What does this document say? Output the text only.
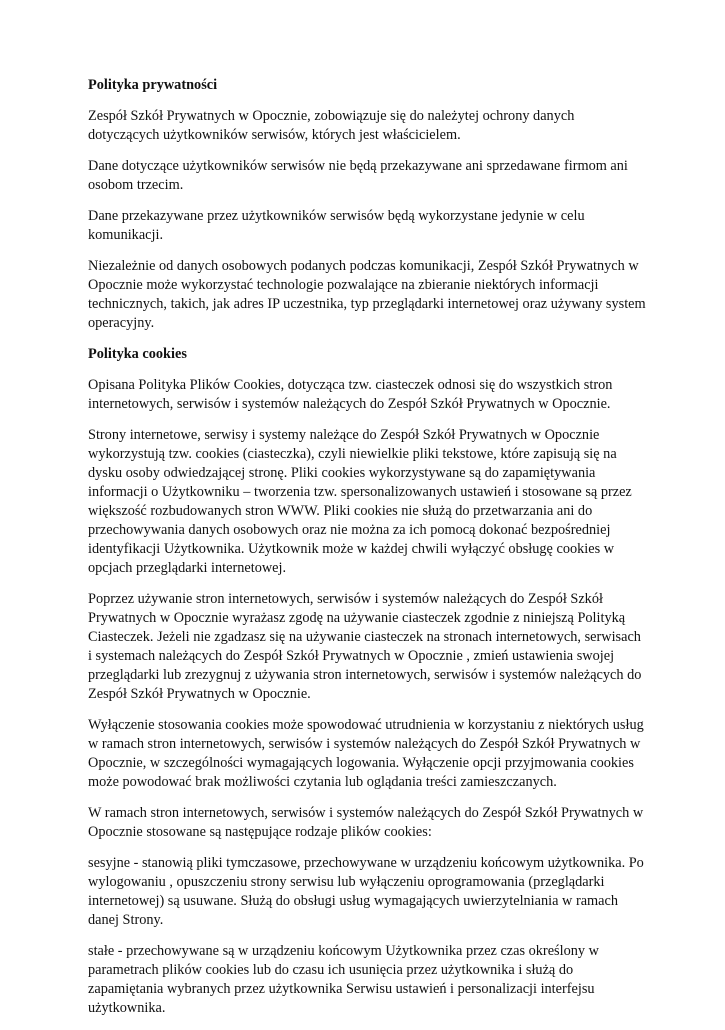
Polityka prywatności

Zespół Szkół Prywatnych w Opocznie, zobowiązuje się do należytej ochrony danych dotyczących użytkowników serwisów, których jest właścicielem.

Dane dotyczące użytkowników serwisów nie będą przekazywane ani sprzedawane firmom ani osobom trzecim.

Dane przekazywane przez użytkowników serwisów będą wykorzystane jedynie w celu komunikacji.

Niezależnie od danych osobowych podanych podczas komunikacji, Zespół Szkół Prywatnych w Opocznie może wykorzystać technologie pozwalające na zbieranie niektórych informacji technicznych, takich, jak adres IP uczestnika, typ przeglądarki internetowej oraz używany system operacyjny.

Polityka cookies

Opisana Polityka Plików Cookies, dotycząca tzw. ciasteczek odnosi się do wszystkich stron internetowych, serwisów i systemów należących do Zespół Szkół Prywatnych w Opocznie.

Strony internetowe, serwisy i systemy należące do Zespół Szkół Prywatnych w Opocznie wykorzystują tzw. cookies (ciasteczka), czyli niewielkie pliki tekstowe, które zapisują się na dysku osoby odwiedzającej stronę. Pliki cookies wykorzystywane są do zapamiętywania informacji o Użytkowniku – tworzenia tzw. spersonalizowanych ustawień i stosowane są przez większość rozbudowanych stron WWW. Pliki cookies nie służą do przetwarzania ani do przechowywania danych osobowych oraz nie można za ich pomocą dokonać bezpośredniej identyfikacji Użytkownika. Użytkownik może w każdej chwili wyłączyć obsługę cookies w opcjach przeglądarki internetowej.

Poprzez używanie stron internetowych, serwisów i systemów należących do Zespół Szkół Prywatnych w Opocznie wyrażasz zgodę na używanie ciasteczek zgodnie z niniejszą Polityką Ciasteczek. Jeżeli nie zgadzasz się na używanie ciasteczek na stronach internetowych, serwisach i systemach należących do Zespół Szkół Prywatnych w Opocznie , zmień ustawienia swojej przeglądarki lub zrezygnuj z używania stron internetowych, serwisów i systemów należących do Zespół Szkół Prywatnych w Opocznie.

Wyłączenie stosowania cookies może spowodować utrudnienia w korzystaniu z niektórych usług w ramach stron internetowych, serwisów i systemów należących do Zespół Szkół Prywatnych w Opocznie, w szczególności wymagających logowania. Wyłączenie opcji przyjmowania cookies może powodować brak możliwości czytania lub oglądania treści zamieszczanych.

W ramach stron internetowych, serwisów i systemów należących do Zespół Szkół Prywatnych w Opocznie stosowane są następujące rodzaje plików cookies:

sesyjne - stanowią pliki tymczasowe, przechowywane w urządzeniu końcowym użytkownika. Po wylogowaniu , opuszczeniu strony serwisu lub wyłączeniu oprogramowania (przeglądarki internetowej) są usuwane. Służą do obsługi usług wymagających uwierzytelniania w ramach danej Strony.

stałe - przechowywane są w urządzeniu końcowym Użytkownika przez czas określony w parametrach plików cookies lub do czasu ich usunięcia przez użytkownika i służą do zapamiętania wybranych przez użytkownika Serwisu ustawień i personalizacji interfejsu użytkownika.
